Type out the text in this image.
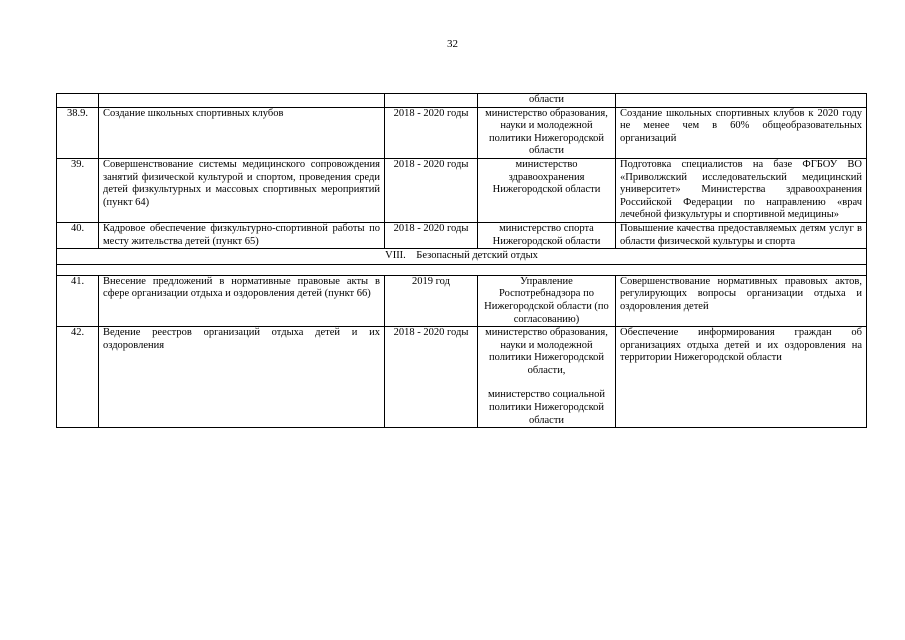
32
			области	
38.9.	Создание школьных спортивных клубов	2018 - 2020 годы	министерство образования, науки и молодежной политики Нижегородской области	Создание школьных спортивных клубов к 2020 году не менее чем в 60% общеобразовательных организаций
39.	Совершенствование системы медицинского сопровождения занятий физической культурой и спортом, проведения среди детей физкультурных и массовых спортивных мероприятий (пункт 64)	2018 - 2020 годы	министерство здравоохранения Нижегородской области	Подготовка специалистов на базе ФГБОУ ВО «Приволжский исследовательский медицинский университет» Министерства здравоохранения Российской Федерации по направлению «врач лечебной физкультуры и спортивной медицины»
40.	Кадровое обеспечение физкультурно-спортивной работы по месту жительства детей (пункт 65)	2018 - 2020 годы	министерство спорта Нижегородской области	Повышение качества предоставляемых детям услуг в области физической культуры и спорта
VIII.    Безопасный детский отдых				

41.	Внесение предложений в нормативные правовые акты в сфере организации отдыха и оздоровления детей (пункт 66)	2019 год	Управление Роспотребнадзора по Нижегородской области (по согласованию)	Совершенствование нормативных правовых актов, регулирующих вопросы организации отдыха и оздоровления детей
42.	Ведение реестров организаций отдыха детей и их оздоровления	2018 - 2020 годы	министерство образования, науки и молодежной политики Нижегородской области,
министерство социальной политики Нижегородской области	Обеспечение информирования граждан об организациях отдыха детей и их оздоровления на территории Нижегородской области
